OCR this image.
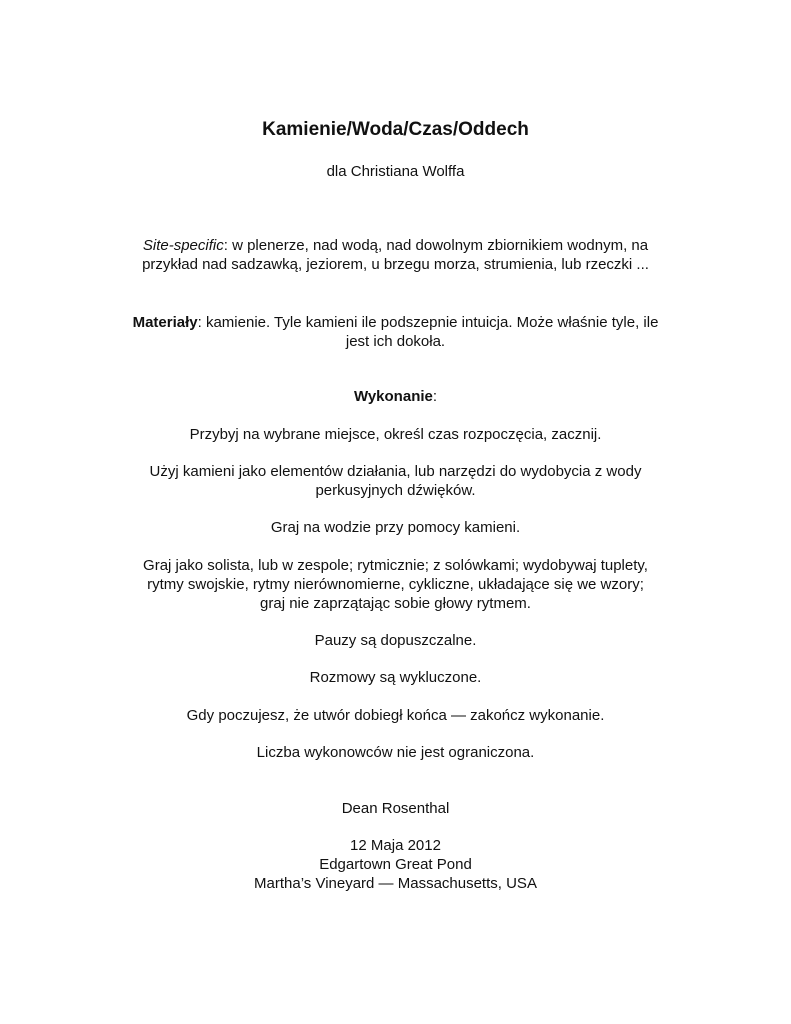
Kamienie/Woda/Czas/Oddech
dla Christiana Wolffa
Site-specific: w plenerze, nad wodą, nad dowolnym zbiornikiem wodnym, na
przykład nad sadzawką, jeziorem, u brzegu morza, strumienia, lub rzeczki ...
Materiały: kamienie. Tyle kamieni ile podszepnie intuicja. Może właśnie tyle, ile
jest ich dokoła.
Wykonanie:
Przybyj na wybrane miejsce, określ czas rozpoczęcia, zacznij.
Użyj kamieni jako elementów działania, lub narzędzi do wydobycia z wody
perkusyjnych dźwięków.
Graj na wodzie przy pomocy kamieni.
Graj jako solista, lub w zespole; rytmicznie; z solówkami; wydobywaj tuplety,
rytmy swojskie, rytmy nierównomierne, cykliczne, układające się we wzory;
graj nie zaprzątając sobie głowy rytmem.
Pauzy są dopuszczalne.
Rozmowy są wykluczone.
Gdy poczujesz, że utwór dobiegł końca — zakończ wykonanie.
Liczba wykonowców nie jest ograniczona.
Dean Rosenthal
12 Maja 2012
Edgartown Great Pond
Martha’s Vineyard — Massachusetts, USA
